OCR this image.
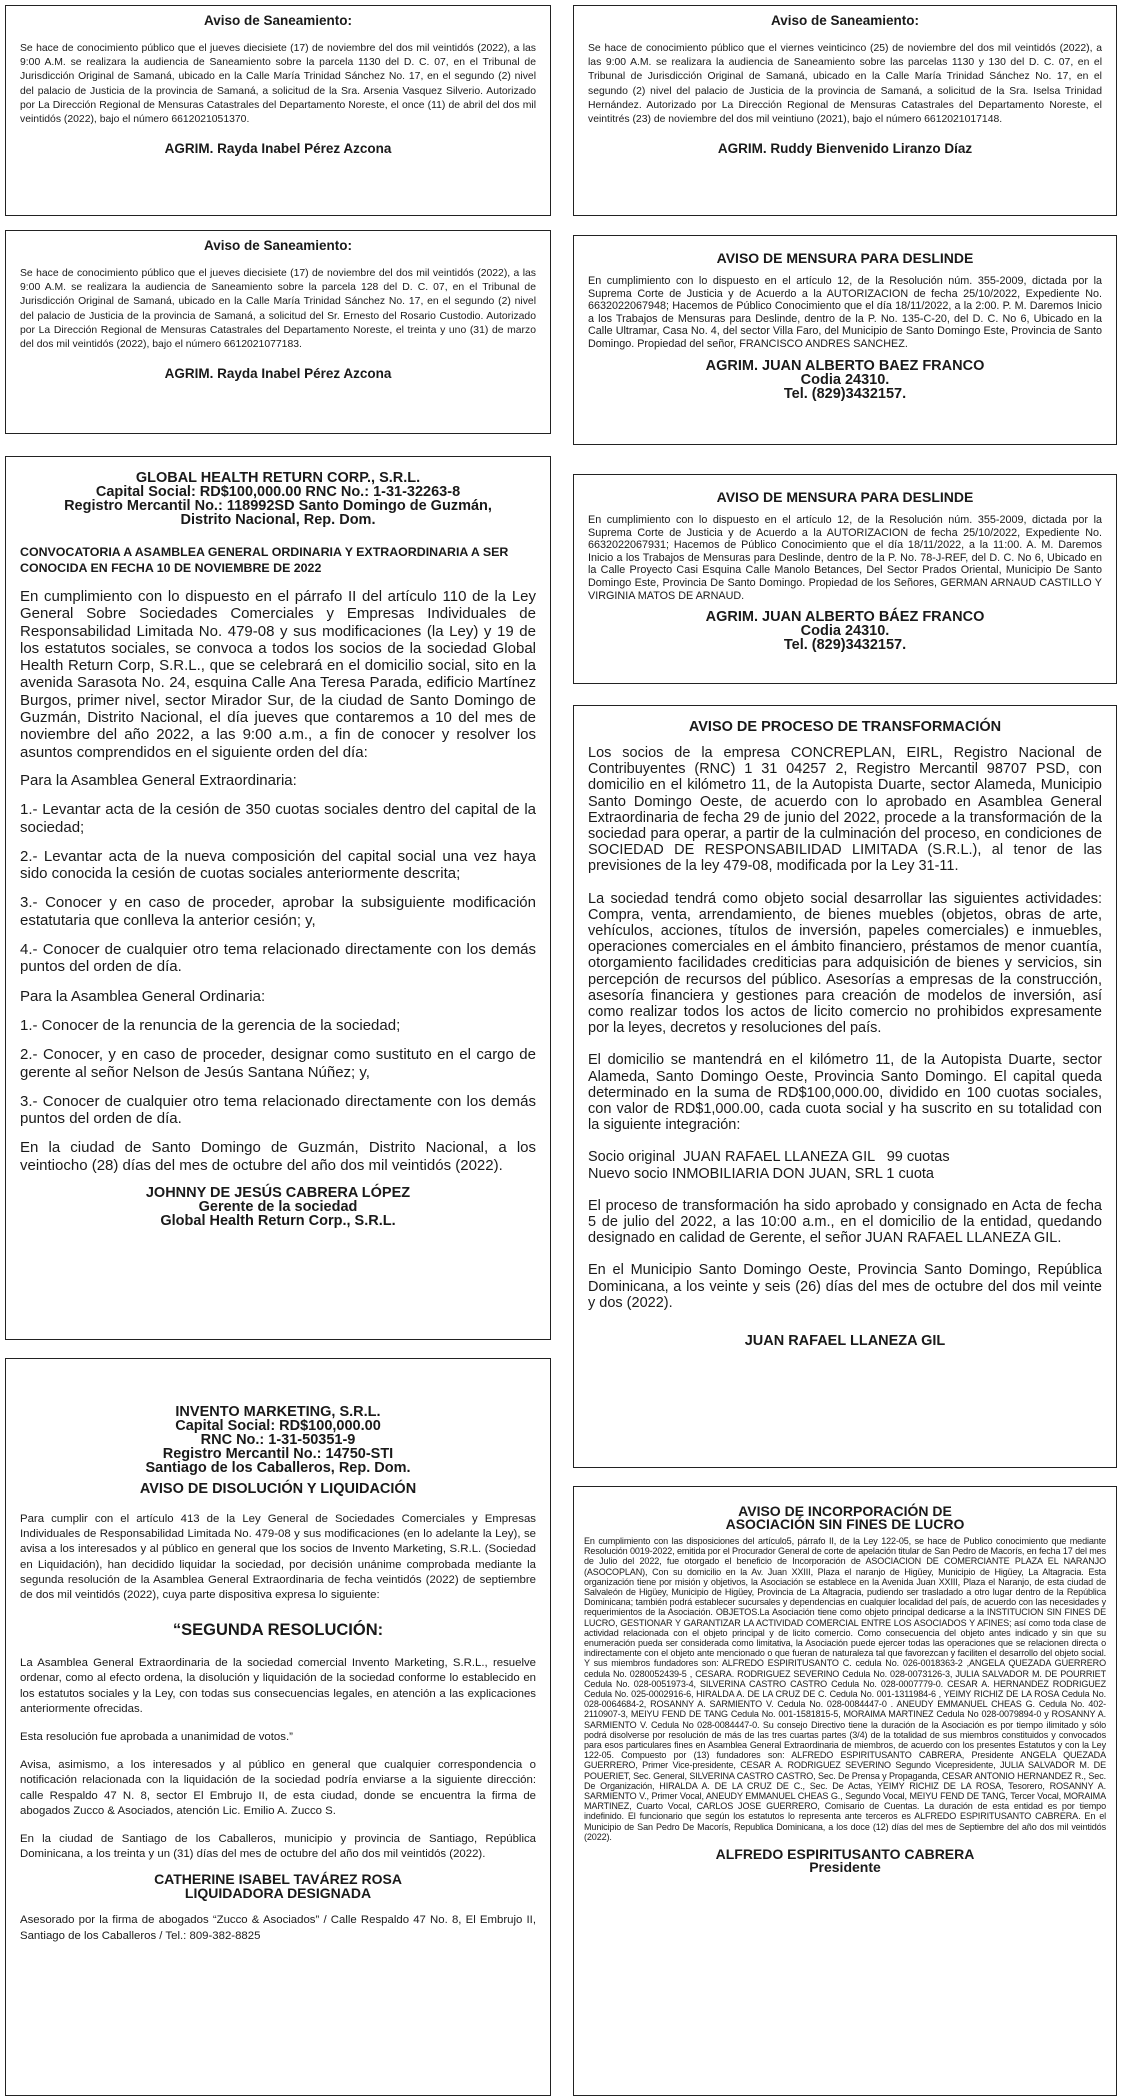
Aviso de Saneamiento:

Se hace de conocimiento público que el jueves diecisiete (17) de noviembre del dos mil veintidós (2022), a las 9:00 A.M. se realizara la audiencia de Saneamiento sobre la parcela 1130 del D. C. 07, en el Tribunal de Jurisdicción Original de Samaná, ubicado en la Calle María Trinidad Sánchez No. 17, en el segundo (2) nivel del palacio de Justicia de la provincia de Samaná, a solicitud de la Sra. Arsenia Vasquez Silverio. Autorizado por La Dirección Regional de Mensuras Catastrales del Departamento Noreste, el once (11) de abril del dos mil veintidós (2022), bajo el número 6612021051370.

AGRIM. Rayda Inabel Pérez Azcona
Aviso de Saneamiento:

Se hace de conocimiento público que el jueves diecisiete (17) de noviembre del dos mil veintidós (2022), a las 9:00 A.M. se realizara la audiencia de Saneamiento sobre la parcela 128 del D. C. 07, en el Tribunal de Jurisdicción Original de Samaná, ubicado en la Calle María Trinidad Sánchez No. 17, en el segundo (2) nivel del palacio de Justicia de la provincia de Samaná, a solicitud del Sr. Ernesto del Rosario Custodio. Autorizado por La Dirección Regional de Mensuras Catastrales del Departamento Noreste, el treinta y uno (31) de marzo del dos mil veintidós (2022), bajo el número 6612021077183.

AGRIM. Rayda Inabel Pérez Azcona
GLOBAL HEALTH RETURN CORP., S.R.L.
Capital Social: RD$100,000.00 RNC No.: 1-31-32263-8
Registro Mercantil No.: 118992SD Santo Domingo de Guzmán,
Distrito Nacional, Rep. Dom.
CONVOCATORIA A ASAMBLEA GENERAL ORDINARIA Y EXTRAORDINARIA A SER CONOCIDA EN FECHA 10 DE NOVIEMBRE DE 2022

En cumplimiento con lo dispuesto en el párrafo II del artículo 110 de la Ley General Sobre Sociedades Comerciales y Empresas Individuales de Responsabilidad Limitada No. 479-08 y sus modificaciones (la Ley) y 19 de los estatutos sociales, se convoca a todos los socios de la sociedad Global Health Return Corp, S.R.L., que se celebrará en el domicilio social, sito en la avenida Sarasota No. 24, esquina Calle Ana Teresa Parada, edificio Martínez Burgos, primer nivel, sector Mirador Sur, de la ciudad de Santo Domingo de Guzmán, Distrito Nacional, el día jueves que contaremos a 10 del mes de noviembre del año 2022, a las 9:00 a.m., a fin de conocer y resolver los asuntos comprendidos en el siguiente orden del día:

Para la Asamblea General Extraordinaria:

1.- Levantar acta de la cesión de 350 cuotas sociales dentro del capital de la sociedad;

2.- Levantar acta de la nueva composición del capital social una vez haya sido conocida la cesión de cuotas sociales anteriormente descrita;

3.- Conocer y en caso de proceder, aprobar la subsiguiente modificación estatutaria que conlleva la anterior cesión; y,

4.- Conocer de cualquier otro tema relacionado directamente con los demás puntos del orden de día.

Para la Asamblea General Ordinaria:

1.- Conocer de la renuncia de la gerencia de la sociedad;

2.- Conocer, y en caso de proceder, designar como sustituto en el cargo de gerente al señor Nelson de Jesús Santana Núñez; y,

3.- Conocer de cualquier otro tema relacionado directamente con los demás puntos del orden de día.

En la ciudad de Santo Domingo de Guzmán, Distrito Nacional, a los veintiocho (28) días del mes de octubre del año dos mil veintidós (2022).

JOHNNY DE JESÚS CABRERA LÓPEZ
Gerente de la sociedad
Global Health Return Corp., S.R.L.
INVENTO MARKETING, S.R.L.
Capital Social: RD$100,000.00
RNC No.: 1-31-50351-9
Registro Mercantil No.: 14750-STI
Santiago de los Caballeros, Rep. Dom.
AVISO DE DISOLUCIÓN Y LIQUIDACIÓN

Para cumplir con el artículo 413 de la Ley General de Sociedades Comerciales y Empresas Individuales de Responsabilidad Limitada No. 479-08 y sus modificaciones (en lo adelante la Ley), se avisa a los interesados y al público en general que los socios de Invento Marketing, S.R.L. (Sociedad en Liquidación), han decidido liquidar la sociedad, por decisión unánime comprobada mediante la segunda resolución de la Asamblea General Extraordinaria de fecha veintidós (2022) de septiembre de dos mil veintidós (2022), cuya parte dispositiva expresa lo siguiente:

“SEGUNDA RESOLUCIÓN:

La Asamblea General Extraordinaria de la sociedad comercial Invento Marketing, S.R.L., resuelve ordenar, como al efecto ordena, la disolución y liquidación de la sociedad conforme lo establecido en los estatutos sociales y la Ley, con todas sus consecuencias legales, en atención a las explicaciones anteriormente ofrecidas.

Esta resolución fue aprobada a unanimidad de votos.”

Avisa, asimismo, a los interesados y al público en general que cualquier correspondencia o notificación relacionada con la liquidación de la sociedad podría enviarse a la siguiente dirección: calle Respaldo 47 N. 8, sector El Embrujo II, de esta ciudad, donde se encuentra la firma de abogados Zucco & Asociados, atención Lic. Emilio A. Zucco S.

En la ciudad de Santiago de los Caballeros, municipio y provincia de Santiago, República Dominicana, a los treinta y un (31) días del mes de octubre del año dos mil veintidós (2022).

CATHERINE ISABEL TAVÁREZ ROSA
LIQUIDADORA DESIGNADA

Asesorado por la firma de abogados “Zucco & Asociados” / Calle Respaldo 47 No. 8, El Embrujo II, Santiago de los Caballeros / Tel.: 809-382-8825

Aviso de Saneamiento:

Se hace de conocimiento público que el viernes veinticinco (25) de noviembre del dos mil veintidós (2022), a las 9:00 A.M. se realizara la audiencia de Saneamiento sobre las parcelas 1130 y 130 del D. C. 07, en el Tribunal de Jurisdicción Original de Samaná, ubicado en la Calle María Trinidad Sánchez No. 17, en el segundo (2) nivel del palacio de Justicia de la provincia de Samaná, a solicitud de la Sra. Iselsa Trinidad Hernández. Autorizado por La Dirección Regional de Mensuras Catastrales del Departamento Noreste, el veintitrés (23) de noviembre del dos mil veintiuno (2021), bajo el número 6612021017148.

AGRIM. Ruddy Bienvenido Liranzo Díaz
AVISO DE MENSURA PARA DESLINDE

En cumplimiento con lo dispuesto en el artículo 12, de la Resolución núm. 355-2009, dictada por la Suprema Corte de Justicia y de Acuerdo a la AUTORIZACION de fecha 25/10/2022, Expediente No. 6632022067948; Hacemos de Público Conocimiento que el día 18/11/2022, a la 2:00. P. M. Daremos Inicio a los Trabajos de Mensuras para Deslinde, dentro de la P. No. 135-C-20, del D. C. No 6, Ubicado en la Calle Ultramar, Casa No. 4, del sector Villa Faro, del Municipio de Santo Domingo Este, Provincia de Santo Domingo. Propiedad del señor, FRANCISCO ANDRES SANCHEZ.

AGRIM. JUAN ALBERTO BAEZ FRANCO
Codia 24310.
Tel. (829)3432157.
AVISO DE MENSURA PARA DESLINDE

En cumplimiento con lo dispuesto en el artículo 12, de la Resolución núm. 355-2009, dictada por la Suprema Corte de Justicia y de Acuerdo a la AUTORIZACION de fecha 25/10/2022, Expediente No. 6632022067931; Hacemos de Público Conocimiento que el día 18/11/2022, a la 11:00. A. M. Daremos Inicio a los Trabajos de Mensuras para Deslinde, dentro de la P. No. 78-J-REF, del D. C. No 6, Ubicado en la Calle Proyecto Casi Esquina Calle Manolo Betances, Del Sector Prados Oriental, Municipio De Santo Domingo Este, Provincia De Santo Domingo. Propiedad de los Señores, GERMAN ARNAUD CASTILLO Y VIRGINIA MATOS DE ARNAUD.

AGRIM. JUAN ALBERTO BÁEZ FRANCO
Codia 24310.
Tel. (829)3432157.
AVISO DE PROCESO DE TRANSFORMACIÓN

Los socios de la empresa CONCREPLAN, EIRL, Registro Nacional de Contribuyentes (RNC) 1 31 04257 2, Registro Mercantil 98707 PSD, con domicilio en el kilómetro 11, de la Autopista Duarte, sector Alameda, Municipio Santo Domingo Oeste, de acuerdo con lo aprobado en Asamblea General Extraordinaria de fecha 29 de junio del 2022, procede a la transformación de la sociedad para operar, a partir de la culminación del proceso, en condiciones de SOCIEDAD DE RESPONSABILIDAD LIMITADA (S.R.L.), al tenor de las previsiones de la ley 479-08, modificada por la Ley 31-11.

La sociedad tendrá como objeto social desarrollar las siguientes actividades: Compra, venta, arrendamiento, de bienes muebles (objetos, obras de arte, vehículos, acciones, títulos de inversión, papeles comerciales) e inmuebles, operaciones comerciales en el ámbito financiero, préstamos de menor cuantía, otorgamiento facilidades crediticias para adquisición de bienes y servicios, sin percepción de recursos del público. Asesorías a empresas de la construcción, asesoría financiera y gestiones para creación de modelos de inversión, así como realizar todos los actos de licito comercio no prohibidos expresamente por la leyes, decretos y resoluciones del país.

El domicilio se mantendrá en el kilómetro 11, de la Autopista Duarte, sector Alameda, Santo Domingo Oeste, Provincia Santo Domingo. El capital queda determinado en la suma de RD$100,000.00, dividido en 100 cuotas sociales, con valor de RD$1,000.00, cada cuota social y ha suscrito en su totalidad con la siguiente integración:

Socio original  JUAN RAFAEL LLANEZA GIL   99 cuotas
Nuevo socio INMOBILIARIA DON JUAN, SRL 1 cuota

El proceso de transformación ha sido aprobado y consignado en Acta de fecha 5 de julio del 2022, a las 10:00 a.m., en el domicilio de la entidad, quedando designado en calidad de Gerente, el señor JUAN RAFAEL LLANEZA GIL.

En el Municipio Santo Domingo Oeste, Provincia Santo Domingo, República Dominicana, a los veinte y seis (26) días del mes de octubre del dos mil veinte y dos (2022).

JUAN RAFAEL LLANEZA GIL
AVISO DE INCORPORACIÓN DE
ASOCIACIÓN SIN FINES DE LUCRO

En cumplimiento con las disposiciones del artículo5, párrafo II, de la Ley 122-05, se hace de Publico conocimiento que mediante Resolución 0019-2022, emitida por el Procurador General de corte de apelación titular de San Pedro de Macorís, en fecha 17 del mes de Julio del 2022, fue otorgado el beneficio de Incorporación de ASOCIACION DE COMERCIANTE PLAZA EL NARANJO (ASOCOPLAN), Con su domicilio en la Av. Juan XXIII, Plaza el naranjo de Higüey, Municipio de Higüey, La Altagracia. Esta organización tiene por misión y objetivos, la Asociación se establece en la Avenida Juan XXIII, Plaza el Naranjo, de esta ciudad de Salvaleón de Higüey, Municipio de Higüey, Provincia de La Altagracia, pudiendo ser trasladado a otro lugar dentro de la República Dominicana; también podrá establecer sucursales y dependencias en cualquier localidad del país, de acuerdo con las necesidades y requerimientos de la Asociación. OBJETOS.La Asociación tiene como objeto principal dedicarse a la INSTITUCION SIN FINES DE LUCRO, GESTIONAR Y GARANTIZAR LA ACTIVIDAD COMERCIAL ENTRE LOS ASOCIADOS Y AFINES; así como toda clase de actividad relacionada con el objeto principal y de licito comercio. Como consecuencia del objeto antes indicado y sin que su enumeración pueda ser considerada como limitativa, la Asociación puede ejercer todas las operaciones que se relacionen directa o indirectamente con el objeto ante mencionado o que fueran de naturaleza tal que favorezcan y faciliten el desarrollo del objeto social. Y sus miembros fundadores son: ALFREDO ESPIRITUSANTO C. cedula No. 026-0018363-2 ,ANGELA QUEZADA GUERRERO cedula No. 0280052439-5 , CESARA. RODRIGUEZ SEVERINO Cedula No. 028-0073126-3, JULIA SALVADOR M. DE POURRIET Cedula No. 028-0051973-4, SILVERINA CASTRO CASTRO Cedula No. 028-0007779-0. CESAR A. HERNANDEZ RODRIGUEZ Cedula No. 025-0002916-6, HIRALDA A. DE LA CRUZ DE C. Cedula No. 001-1311984-6 , YEIMY RICHIZ DE LA ROSA Cedula No. 028-0064684-2, ROSANNY A. SARMIENTO V. Cedula No. 028-0084447-0 . ANEUDY EMMANUEL CHEAS G. Cedula No. 402-2110907-3, MEIYU FEND DE TANG Cedula No. 001-1581815-5, MORAIMA MARTINEZ Cedula No 028-0079894-0 y ROSANNY A. SARMIENTO V. Cedula No 028-0084447-0. Su consejo Directivo tiene la duración de la Asociación es por tiempo ilimitado y sólo podrá disolverse por resolución de más de las tres cuartas partes (3/4) de la totalidad de sus miembros constituidos y convocados para esos particulares fines en Asamblea General Extraordinaria de miembros, de acuerdo con los presentes Estatutos y con la Ley 122-05. Compuesto por (13) fundadores son: ALFREDO ESPIRITUSANTO CABRERA, Presidente ANGELA QUEZADA GUERRERO, Primer Vice-presidente, CESAR A. RODRIGUEZ SEVERINO Segundo Vicepresidente, JULIA SALVADOR M. DE POUERIET, Sec. General, SILVERINA CASTRO CASTRO, Sec. De Prensa y Propaganda, CESAR ANTONIO HERNANDEZ R., Sec. De Organización, HIRALDA A. DE LA CRUZ DE C., Sec. De Actas, YEIMY RICHIZ DE LA ROSA, Tesorero, ROSANNY A. SARMIENTO V., Primer Vocal, ANEUDY EMMANUEL CHEAS G., Segundo Vocal, MEIYU FEND DE TANG, Tercer Vocal, MORAIMA MARTINEZ, Cuarto Vocal, CARLOS JOSE GUERRERO, Comisario de Cuentas. La duración de esta entidad es por tiempo indefinido. El funcionario que según los estatutos lo representa ante terceros es ALFREDO ESPIRITUSANTO CABRERA. En el Municipio de San Pedro De Macorís, Republica Dominicana, a los doce (12) días del mes de Septiembre del año dos mil veintidós (2022).

ALFREDO ESPIRITUSANTO CABRERA
Presidente
